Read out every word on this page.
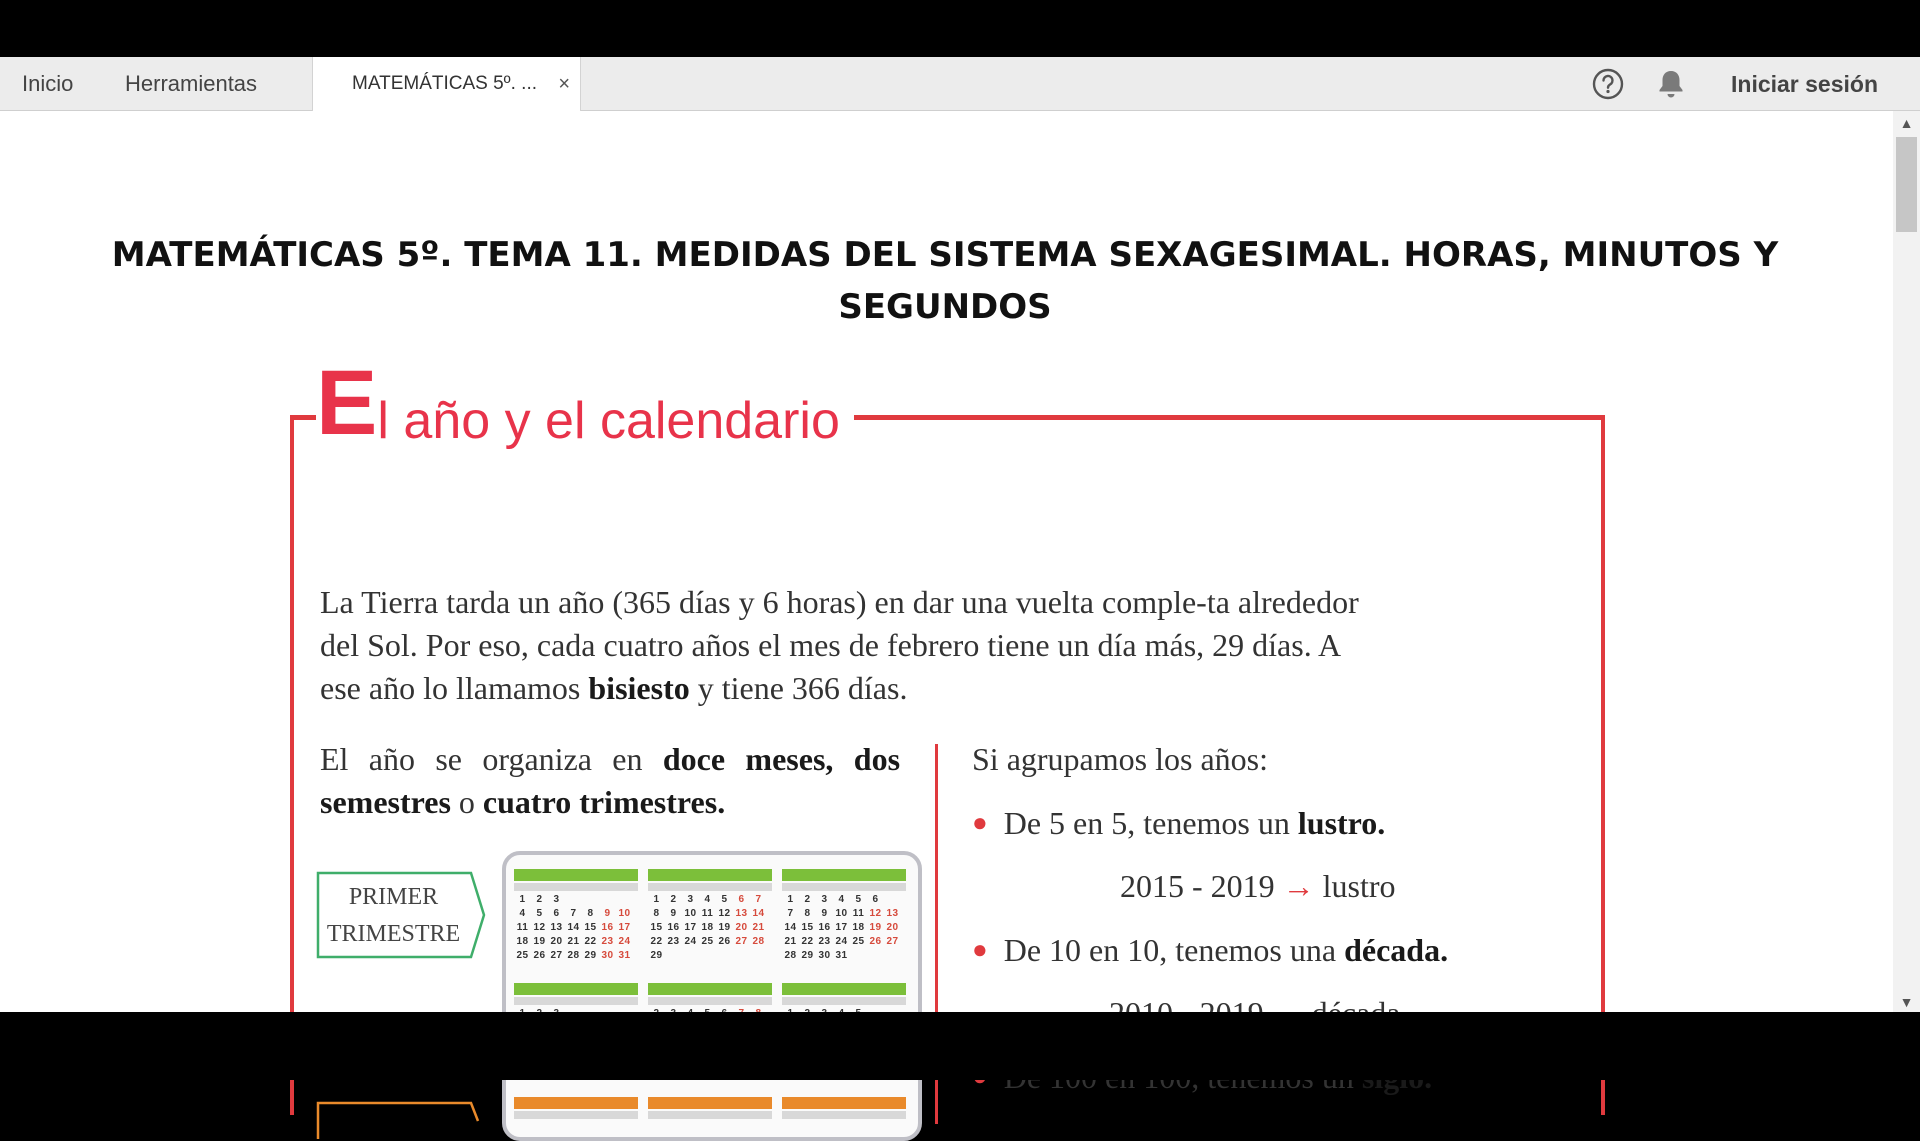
Inicio Herramientas	MATEMÁTICAS 5º. ... ×	Iniciar sesión
MATEMÁTICAS 5º. TEMA 11. MEDIDAS DEL SISTEMA SEXAGESIMAL. HORAS, MINUTOS Y SEGUNDOS
El año y el calendario
La Tierra tarda un año (365 días y 6 horas) en dar una vuelta comple-ta alrededor del Sol. Por eso, cada cuatro años el mes de febrero tiene un día más, 29 días. A ese año lo llamamos bisiesto y tiene 366 días.
El año se organiza en doce meses, dos semestres o cuatro trimestres.
PRIMER
TRIMESTRE
1 2 3
4 5 6 7 8 9 10
11 12 13 14 15 16 17
18 19 20 21 22 23 24
25 26 27 28 29 30 31
1 2 3 4 5 6 7
8 9 10 11 12 13 14
15 16 17 18 19 20 21
22 23 24 25 26 27 28
29
1 2 3 4 5 6
7 8 9 10 11 12 13
14 15 16 17 18 19 20
21 22 23 24 25 26 27
28 29 30 31
Si agrupamos los años:
● De 5 en 5, tenemos un lustro.
2015 - 2019 → lustro
● De 10 en 10, tenemos una década.
▲
▼
